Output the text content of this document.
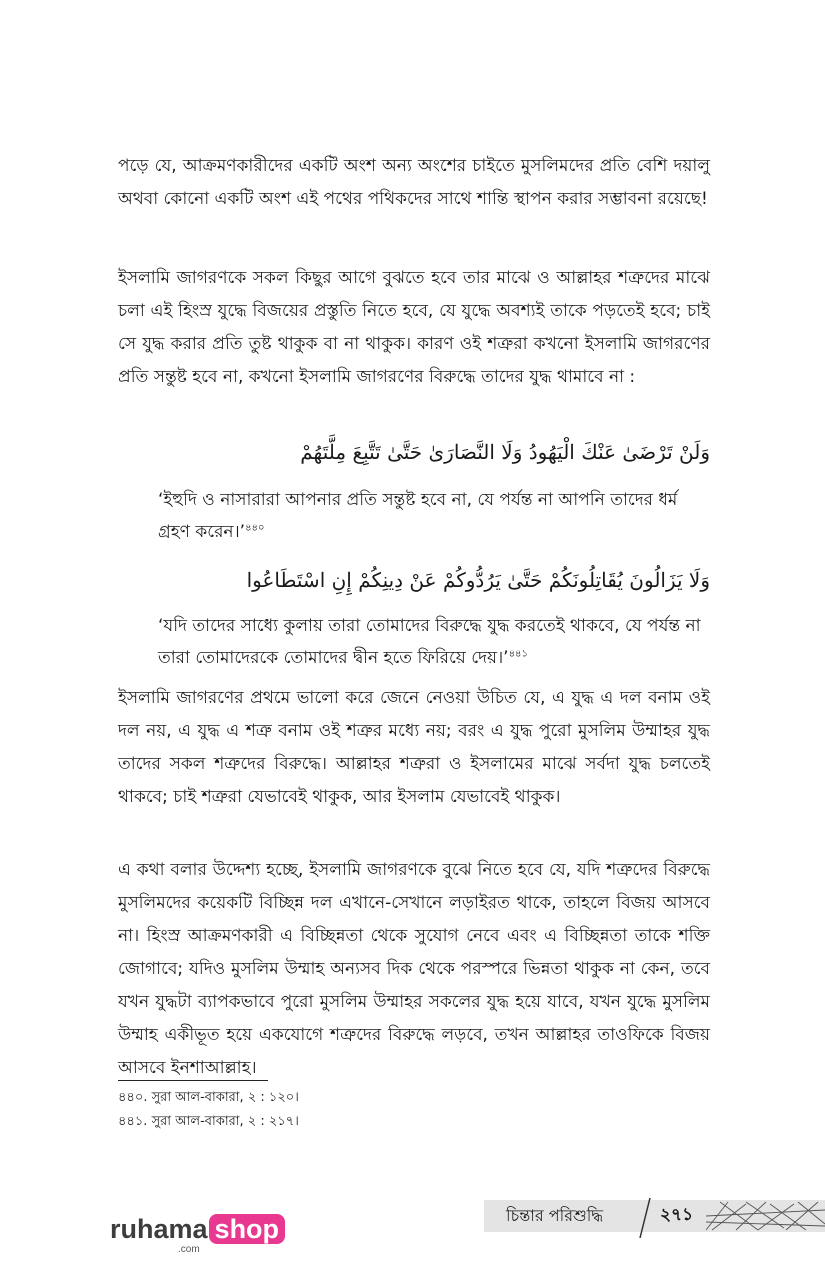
পড়ে যে, আক্রমণকারীদের একটি অংশ অন্য অংশের চাইতে মুসলিমদের প্রতি বেশি দয়ালু অথবা কোনো একটি অংশ এই পথের পথিকদের সাথে শান্তি স্থাপন করার সম্ভাবনা রয়েছে!

ইসলামি জাগরণকে সকল কিছুর আগে বুঝতে হবে তার মাঝে ও আল্লাহর শত্রুদের মাঝে চলা এই হিংস্র যুদ্ধে বিজয়ের প্রস্তুতি নিতে হবে, যে যুদ্ধে অবশ্যই তাকে পড়তেই হবে; চাই সে যুদ্ধ করার প্রতি তুষ্ট থাকুক বা না থাকুক। কারণ ওই শত্রুরা কখনো ইসলামি জাগরণের প্রতি সন্তুষ্ট হবে না, কখনো ইসলামি জাগরণের বিরুদ্ধে তাদের যুদ্ধ থামাবে না :

وَلَنْ تَرْضَىٰ عَنْكَ الْيَهُودُ وَلَا النَّصَارَىٰ حَتَّىٰ تَتَّبِعَ مِلَّتَهُمْ

‘ইহুদি ও নাসারারা আপনার প্রতি সন্তুষ্ট হবে না, যে পর্যন্ত না আপনি তাদের ধর্ম গ্রহণ করেন।’$^{৪৪০}$

وَلَا يَزَالُونَ يُقَاتِلُونَكُمْ حَتَّىٰ يَرُدُّوكُمْ عَنْ دِينِكُمْ إِنِ اسْتَطَاعُوا

‘যদি তাদের সাধ্যে কুলায় তারা তোমাদের বিরুদ্ধে যুদ্ধ করতেই থাকবে, যে পর্যন্ত না তারা তোমাদেরকে তোমাদের দ্বীন হতে ফিরিয়ে দেয়।’$^{৪৪১}$

ইসলামি জাগরণের প্রথমে ভালো করে জেনে নেওয়া উচিত যে, এ যুদ্ধ এ দল বনাম ওই দল নয়, এ যুদ্ধ এ শত্রু বনাম ওই শত্রুর মধ্যে নয়; বরং এ যুদ্ধ পুরো মুসলিম উম্মাহর যুদ্ধ তাদের সকল শত্রুদের বিরুদ্ধে। আল্লাহর শত্রুরা ও ইসলামের মাঝে সর্বদা যুদ্ধ চলতেই থাকবে; চাই শত্রুরা যেভাবেই থাকুক, আর ইসলাম যেভাবেই থাকুক।

এ কথা বলার উদ্দেশ্য হচ্ছে, ইসলামি জাগরণকে বুঝে নিতে হবে যে, যদি শত্রুদের বিরুদ্ধে মুসলিমদের কয়েকটি বিচ্ছিন্ন দল এখানে-সেখানে লড়াইরত থাকে, তাহলে বিজয় আসবে না। হিংস্র আক্রমণকারী এ বিচ্ছিন্নতা থেকে সুযোগ নেবে এবং এ বিচ্ছিন্নতা তাকে শক্তি জোগাবে; যদিও মুসলিম উম্মাহ অন্যসব দিক থেকে পরস্পরে ভিন্নতা থাকুক না কেন, তবে যখন যুদ্ধটা ব্যাপকভাবে পুরো মুসলিম উম্মাহর সকলের যুদ্ধ হয়ে যাবে, যখন যুদ্ধে মুসলিম উম্মাহ একীভূত হয়ে একযোগে শত্রুদের বিরুদ্ধে লড়বে, তখন আল্লাহর তাওফিকে বিজয় আসবে ইনশাআল্লাহ।

৪৪০. সুরা আল-বাকারা, ২ : ১২০।

৪৪১. সুরা আল-বাকারা, ২ : ২১৭।

চিন্তার পরিশুদ্ধি	২৭১
ruhama shop
.com
